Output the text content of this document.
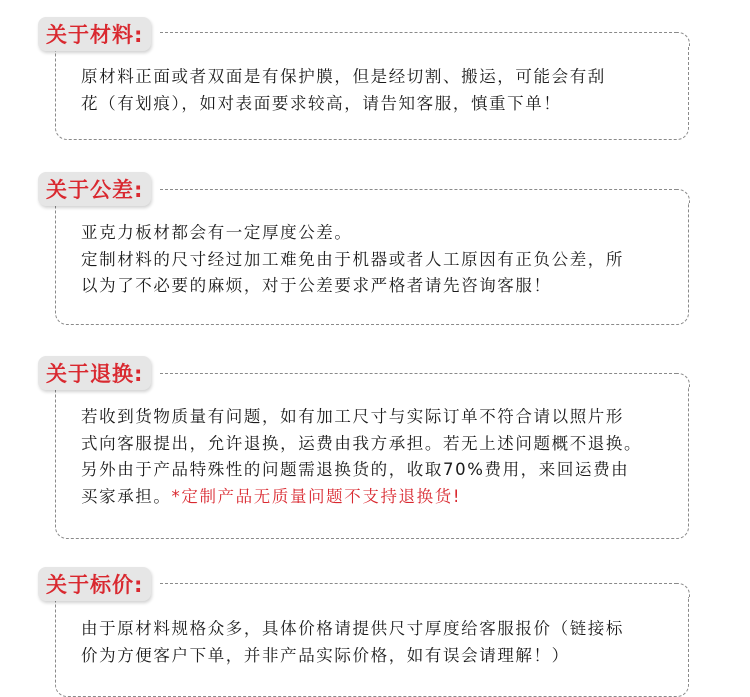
关于材料:
原材料正面或者双面是有保护膜，但是经切割、搬运，可能会有刮
花（有划痕），如对表面要求较高，请告知客服，慎重下单！
关于公差:
亚克力板材都会有一定厚度公差。
定制材料的尺寸经过加工难免由于机器或者人工原因有正负公差，所
以为了不必要的麻烦，对于公差要求严格者请先咨询客服！
关于退换:
若收到货物质量有问题，如有加工尺寸与实际订单不符合请以照片形
式向客服提出，允许退换，运费由我方承担。若无上述问题概不退换。
另外由于产品特殊性的问题需退换货的，收取70%费用，来回运费由
买家承担。*定制产品无质量问题不支持退换货!
关于标价:
由于原材料规格众多，具体价格请提供尺寸厚度给客服报价（链接标
价为方便客户下单，并非产品实际价格，如有误会请理解！）
